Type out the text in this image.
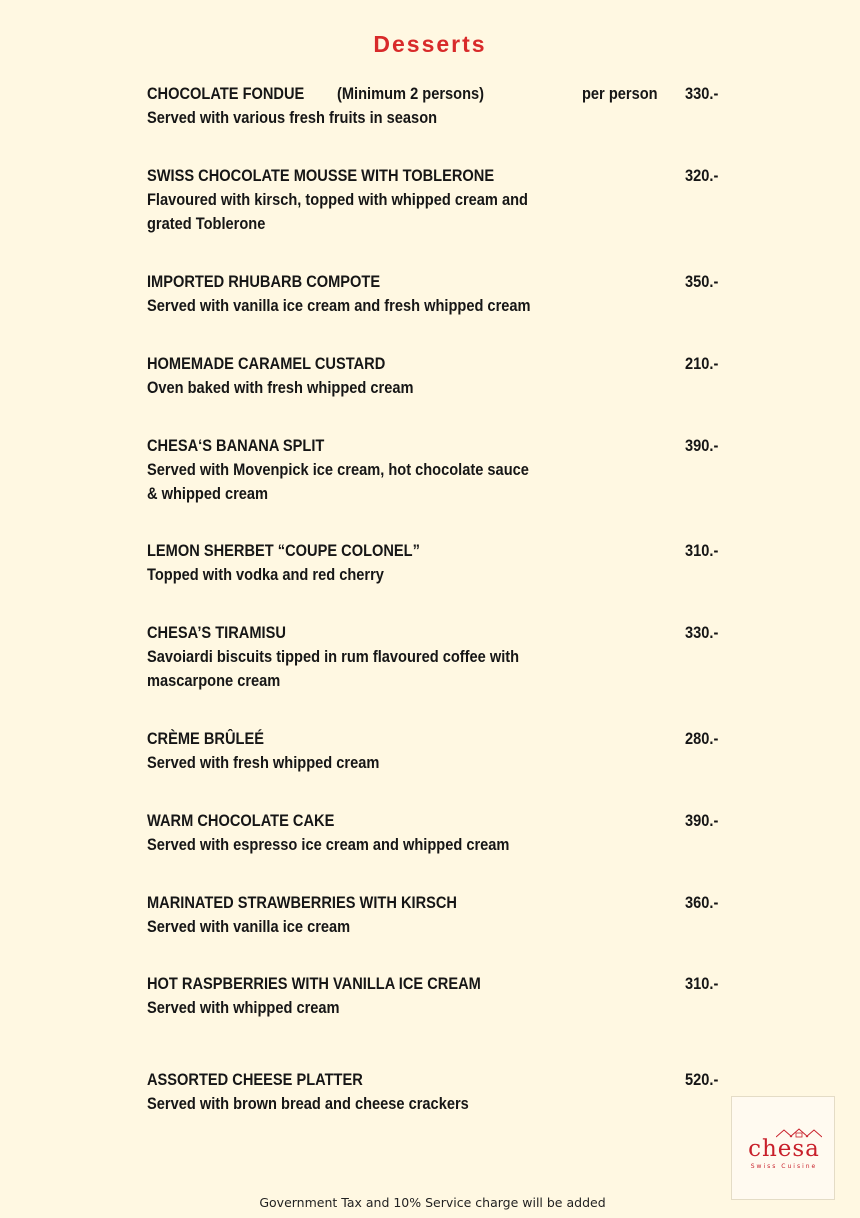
Desserts
CHOCOLATE FONDUE	(Minimum 2 persons)	per person 330.-
Served with various fresh fruits in season
SWISS CHOCOLATE MOUSSE WITH TOBLERONE	320.-
Flavoured with kirsch, topped with whipped cream and
grated Toblerone
IMPORTED RHUBARB COMPOTE	350.-
Served with vanilla ice cream and fresh whipped cream
HOMEMADE CARAMEL CUSTARD	210.-
Oven baked with fresh whipped cream
CHESA‘S BANANA SPLIT	390.-
Served with Movenpick ice cream, hot chocolate sauce
& whipped cream
LEMON SHERBET “COUPE COLONEL”	310.-
Topped with vodka and red cherry
CHESA’S TIRAMISU	330.-
Savoiardi biscuits tipped in rum flavoured coffee with
mascarpone cream
CRÈME BRÛLEÉ	280.-
Served with fresh whipped cream
WARM CHOCOLATE CAKE	390.-
Served with espresso ice cream and whipped cream
MARINATED STRAWBERRIES WITH KIRSCH	360.-
Served with vanilla ice cream
HOT RASPBERRIES WITH VANILLA ICE CREAM	310.-
Served with whipped cream
ASSORTED CHEESE PLATTER	520.-
Served with brown bread and cheese crackers
chesa
Swiss Cuisine
Government Tax and 10% Service charge will be added
